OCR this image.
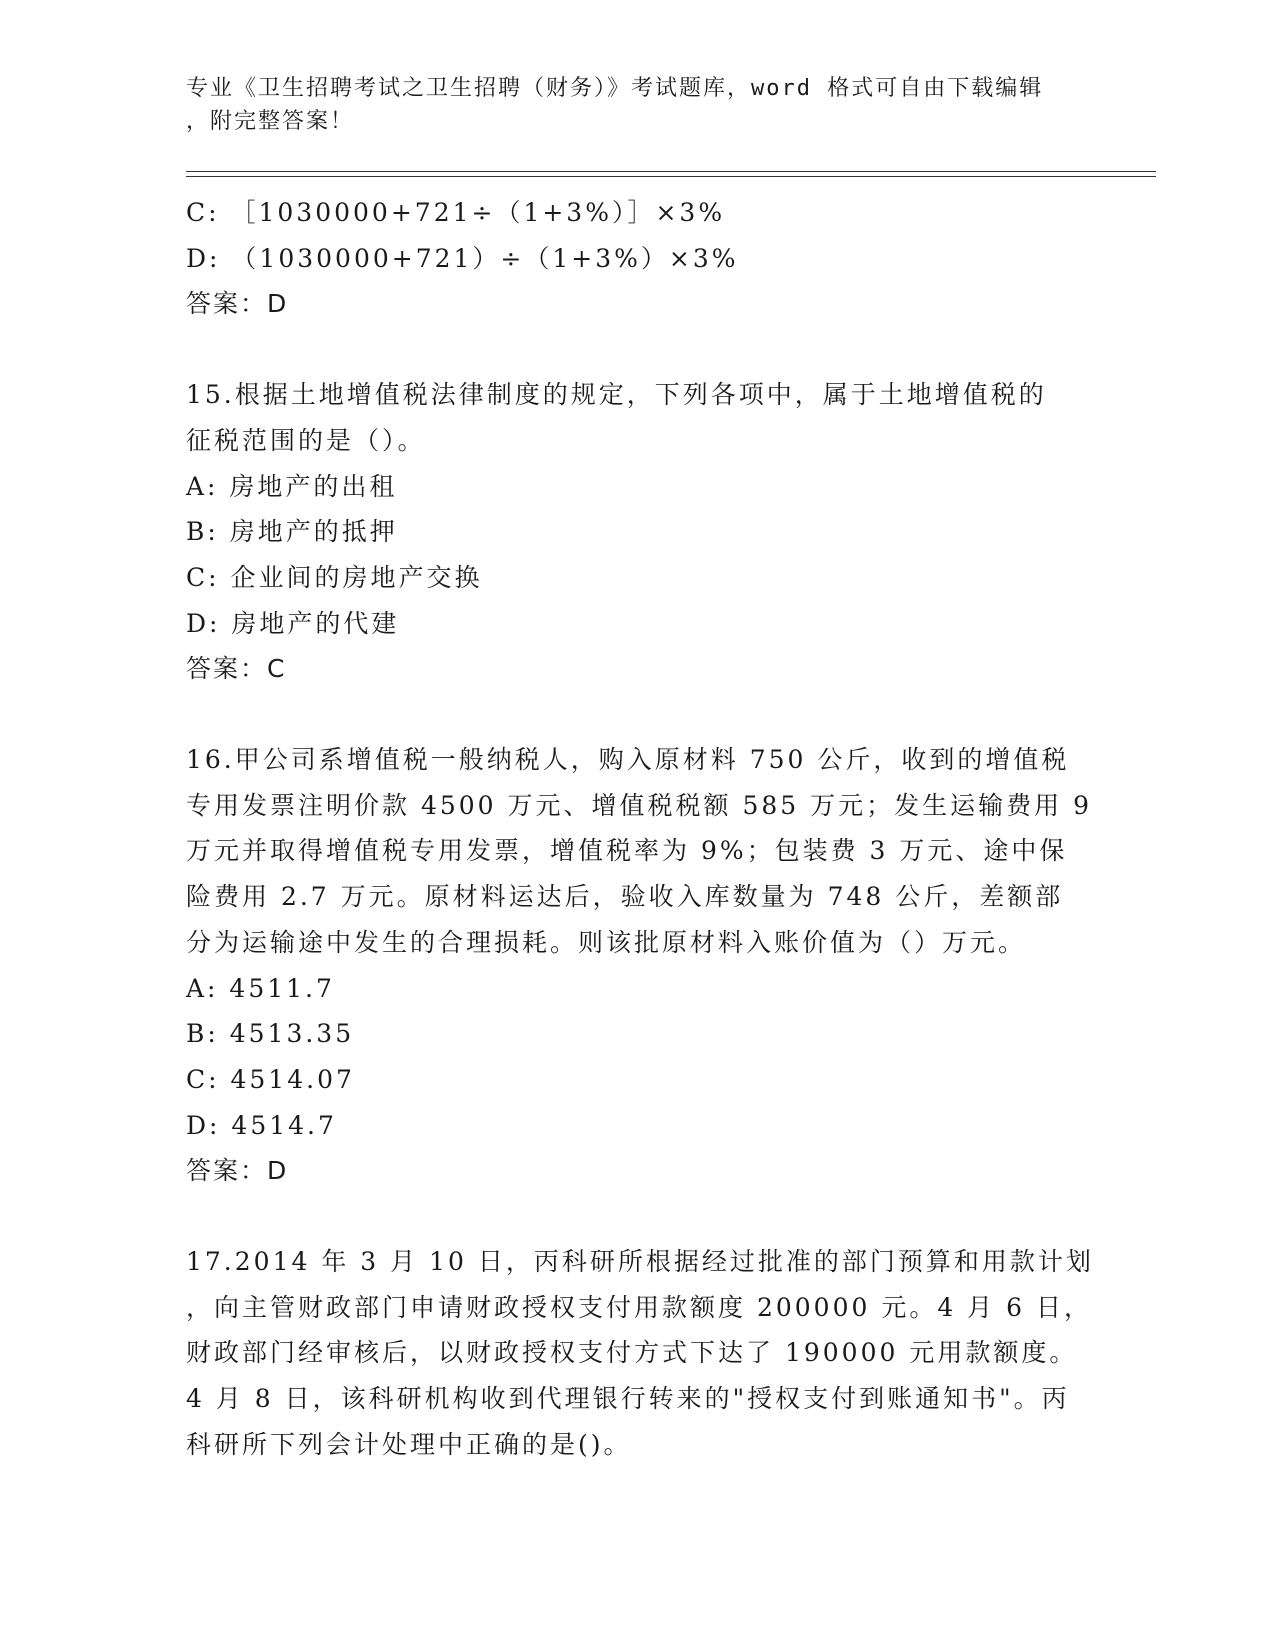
专业《卫生招聘考试之卫生招聘（财务）》考试题库，word 格式可自由下载编辑
，附完整答案！
C: ［1030000+721÷（1+3%）］×3%
D: （1030000+721）÷（1+3%）×3%
答案：D
15.根据土地增值税法律制度的规定，下列各项中，属于土地增值税的
征税范围的是（）。
A: 房地产的出租
B: 房地产的抵押
C: 企业间的房地产交换
D: 房地产的代建
答案：C
16.甲公司系增值税一般纳税人，购入原材料 750 公斤，收到的增值税
专用发票注明价款 4500 万元、增值税税额 585 万元；发生运输费用 9
万元并取得增值税专用发票，增值税率为 9%；包装费 3 万元、途中保
险费用 2.7 万元。原材料运达后，验收入库数量为 748 公斤，差额部
分为运输途中发生的合理损耗。则该批原材料入账价值为（）万元。
A: 4511.7
B: 4513.35
C: 4514.07
D: 4514.7
答案：D
17.2014 年 3 月 10 日，丙科研所根据经过批准的部门预算和用款计划
，向主管财政部门申请财政授权支付用款额度 200000 元。4 月 6 日，
财政部门经审核后，以财政授权支付方式下达了 190000 元用款额度。
4 月 8 日，该科研机构收到代理银行转来的"授权支付到账通知书"。丙
科研所下列会计处理中正确的是()。
